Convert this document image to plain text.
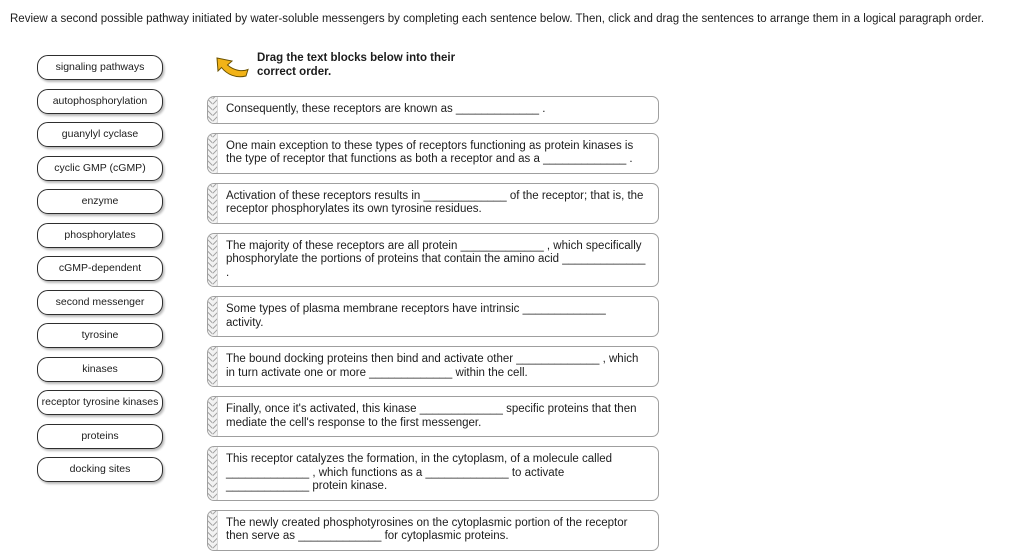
Review a second possible pathway initiated by water-soluble messengers by completing each sentence below. Then, click and drag the sentences to arrange them in a logical paragraph order.
signaling pathways
autophosphorylation
guanylyl cyclase
cyclic GMP (cGMP)
enzyme
phosphorylates
cGMP-dependent
second messenger
tyrosine
kinases
receptor tyrosine kinases
proteins
docking sites
Drag the text blocks below into their correct order.
Consequently, these receptors are known as _____________ .
One main exception to these types of receptors functioning as protein kinases is the type of receptor that functions as both a receptor and as a _____________ .
Activation of these receptors results in _____________ of the receptor; that is, the receptor phosphorylates its own tyrosine residues.
The majority of these receptors are all protein _____________ , which specifically phosphorylate the portions of proteins that contain the amino acid _____________ .
Some types of plasma membrane receptors have intrinsic _____________ activity.
The bound docking proteins then bind and activate other _____________ , which in turn activate one or more _____________ within the cell.
Finally, once it's activated, this kinase _____________ specific proteins that then mediate the cell's response to the first messenger.
This receptor catalyzes the formation, in the cytoplasm, of a molecule called _____________ , which functions as a _____________ to activate _____________ protein kinase.
The newly created phosphotyrosines on the cytoplasmic portion of the receptor then serve as _____________ for cytoplasmic proteins.
